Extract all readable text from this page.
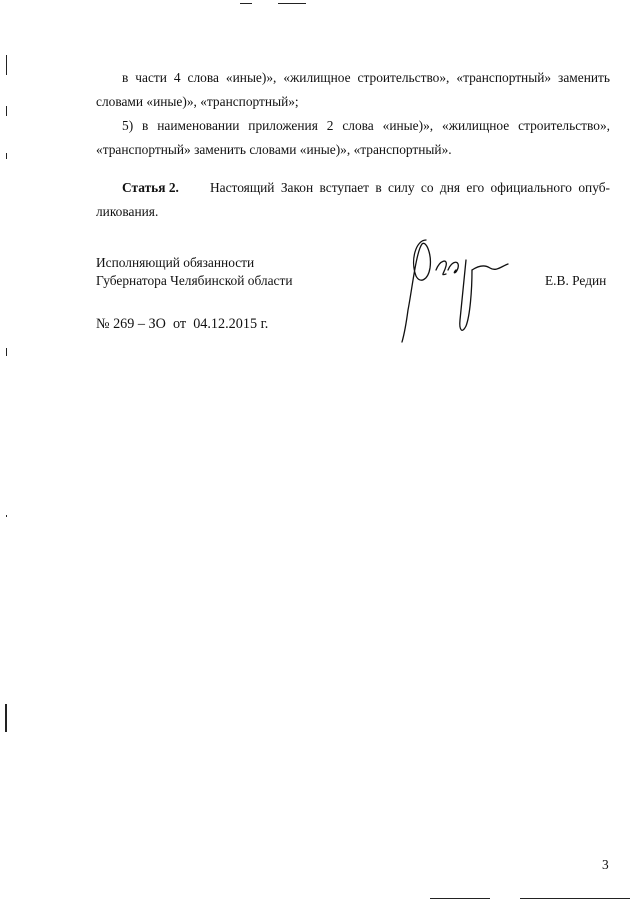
в части 4 слова «иные)», «жилищное строительство», «транспортный» заменить
словами «иные)», «транспортный»;
5) в наименовании приложения 2 слова «иные)», «жилищное строительство»,
«транспортный» заменить словами «иные)», «транспортный».
Статья 2. Настоящий Закон вступает в силу со дня его официального опуб-
ликования.
Исполняющий обязанности
Губернатора Челябинской области	Е.В. Редин
№ 269 – ЗО  от  04.12.2015 г.
3
